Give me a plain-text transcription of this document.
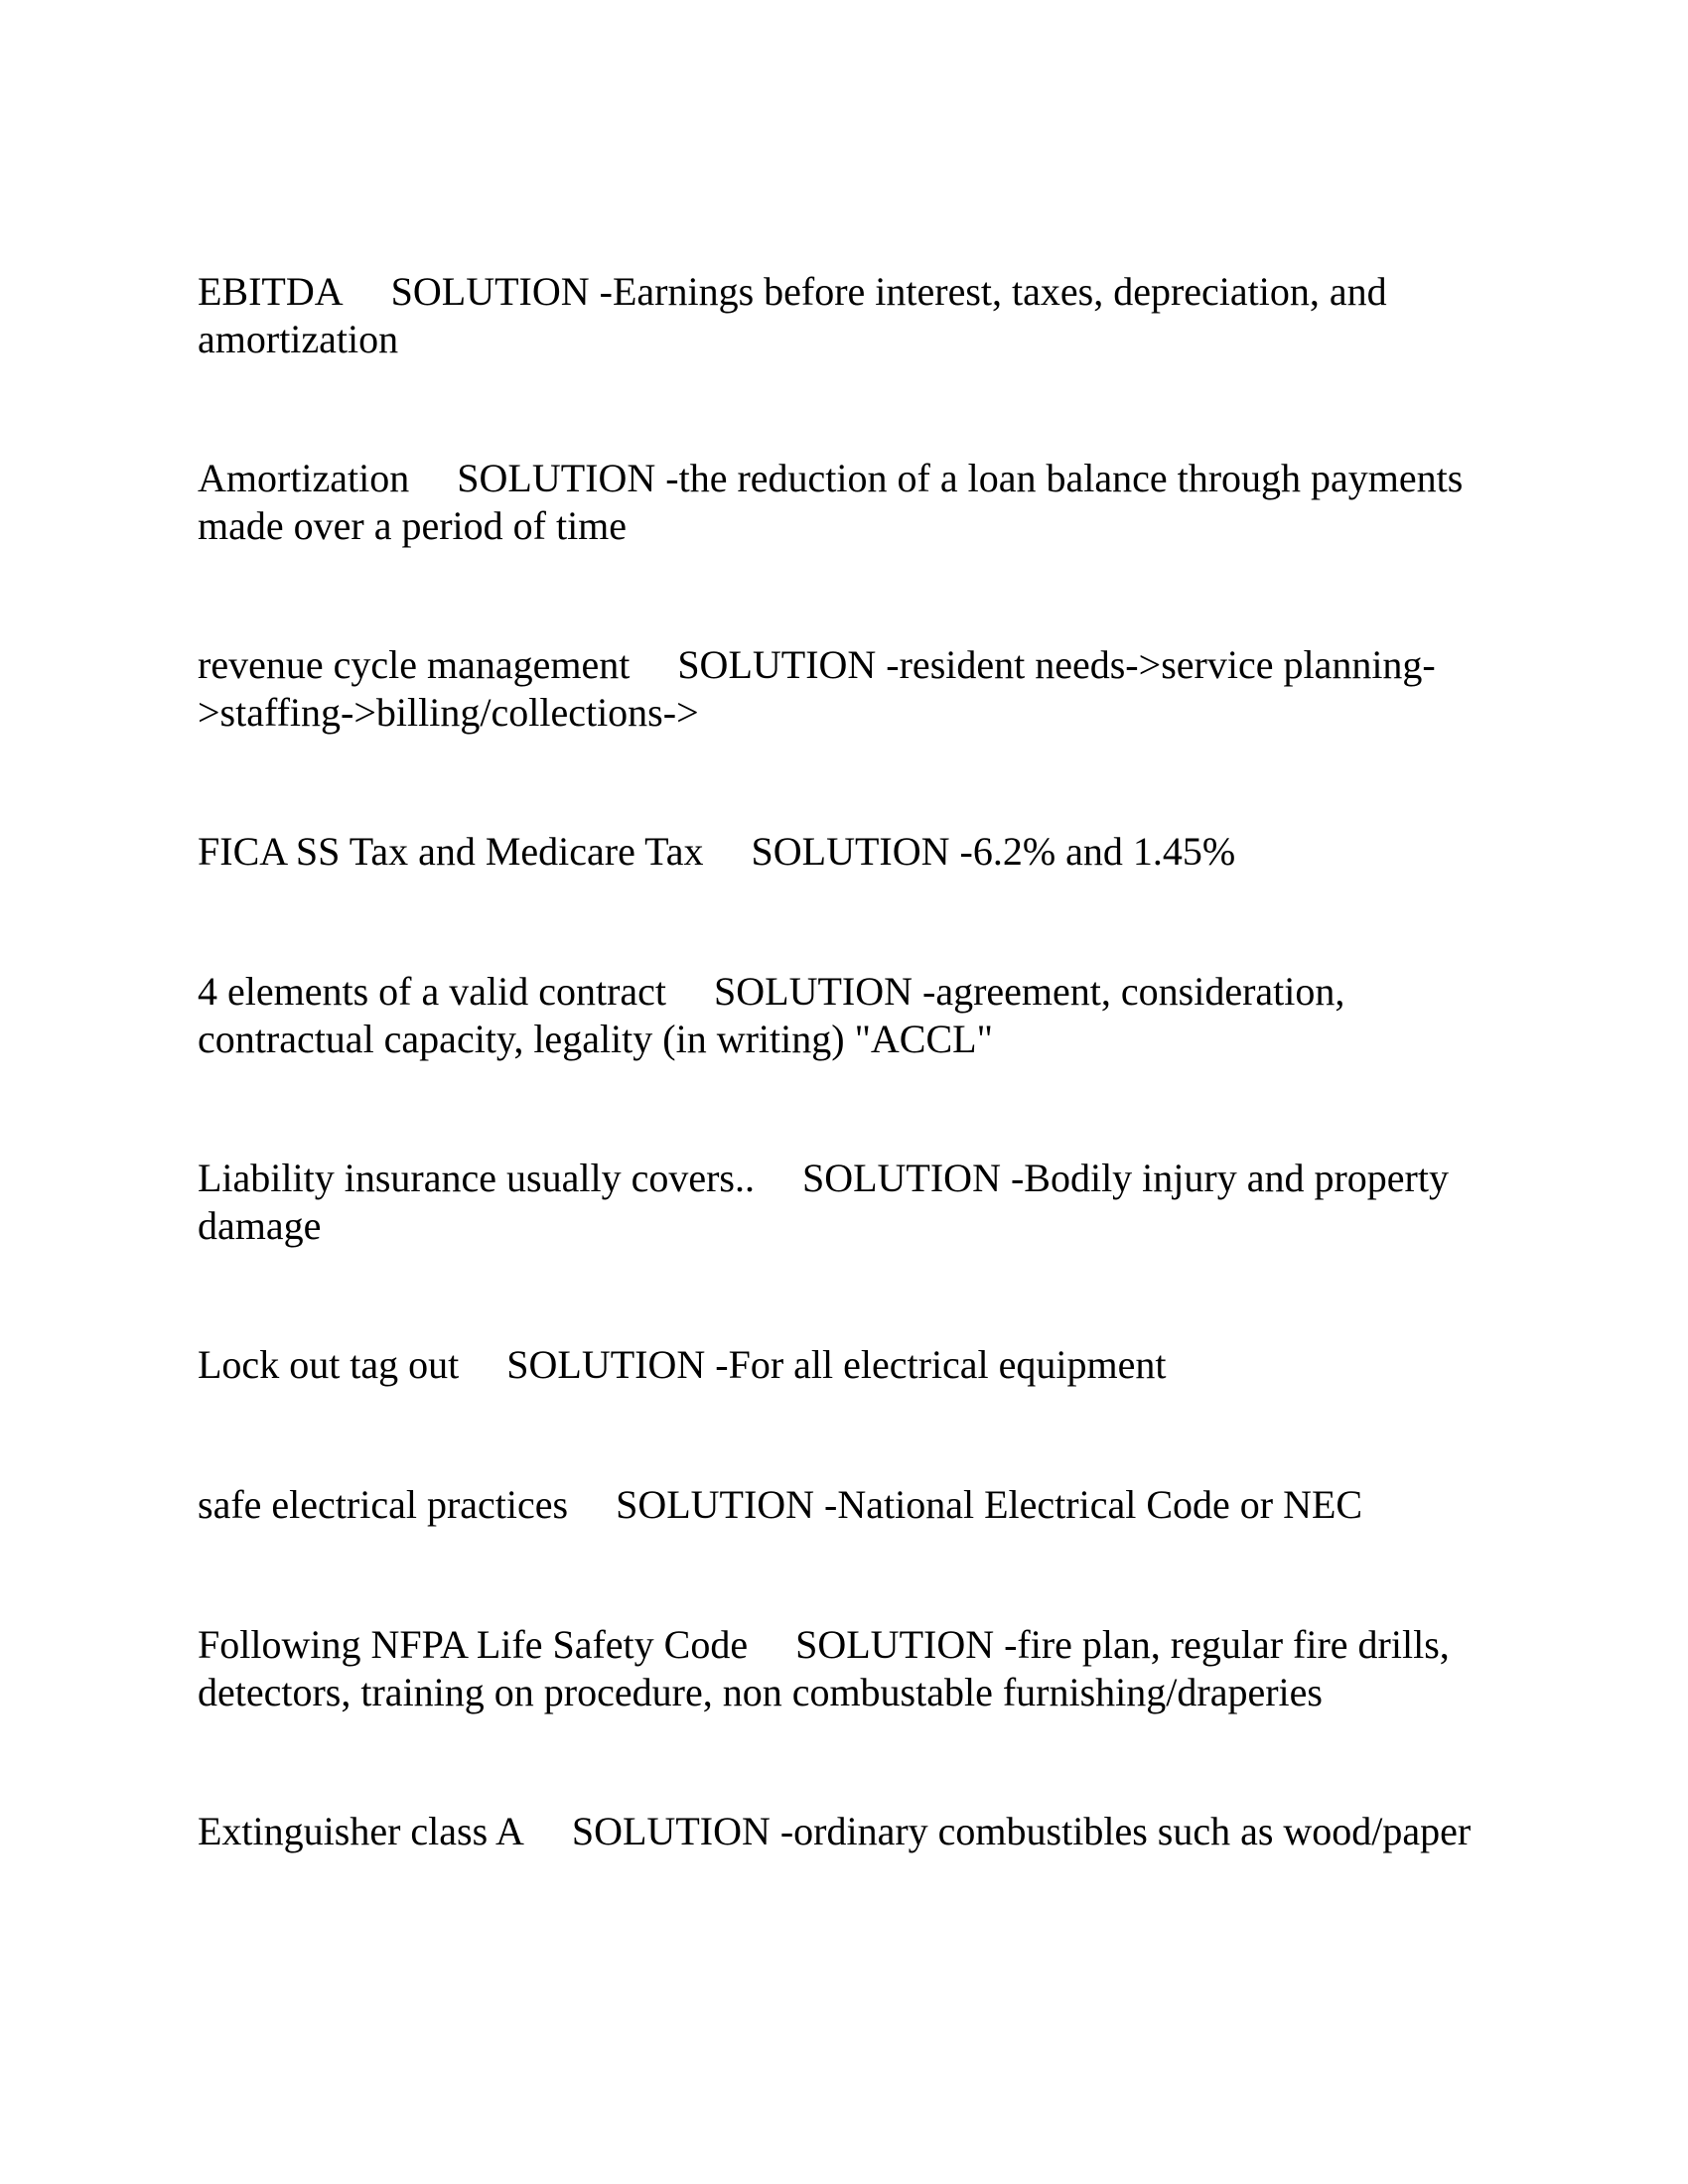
EBITDA SOLUTION -Earnings before interest, taxes, depreciation, and
amortization

Amortization SOLUTION -the reduction of a loan balance through payments
made over a period of time

revenue cycle management SOLUTION -resident needs->service planning-
>staffing->billing/collections->

FICA SS Tax and Medicare Tax SOLUTION -6.2% and 1.45%

4 elements of a valid contract SOLUTION -agreement, consideration,
contractual capacity, legality (in writing) "ACCL"

Liability insurance usually covers.. SOLUTION -Bodily injury and property
damage

Lock out tag out SOLUTION -For all electrical equipment

safe electrical practices SOLUTION -National Electrical Code or NEC

Following NFPA Life Safety Code SOLUTION -fire plan, regular fire drills,
detectors, training on procedure, non combustable furnishing/draperies

Extinguisher class A SOLUTION -ordinary combustibles such as wood/paper
